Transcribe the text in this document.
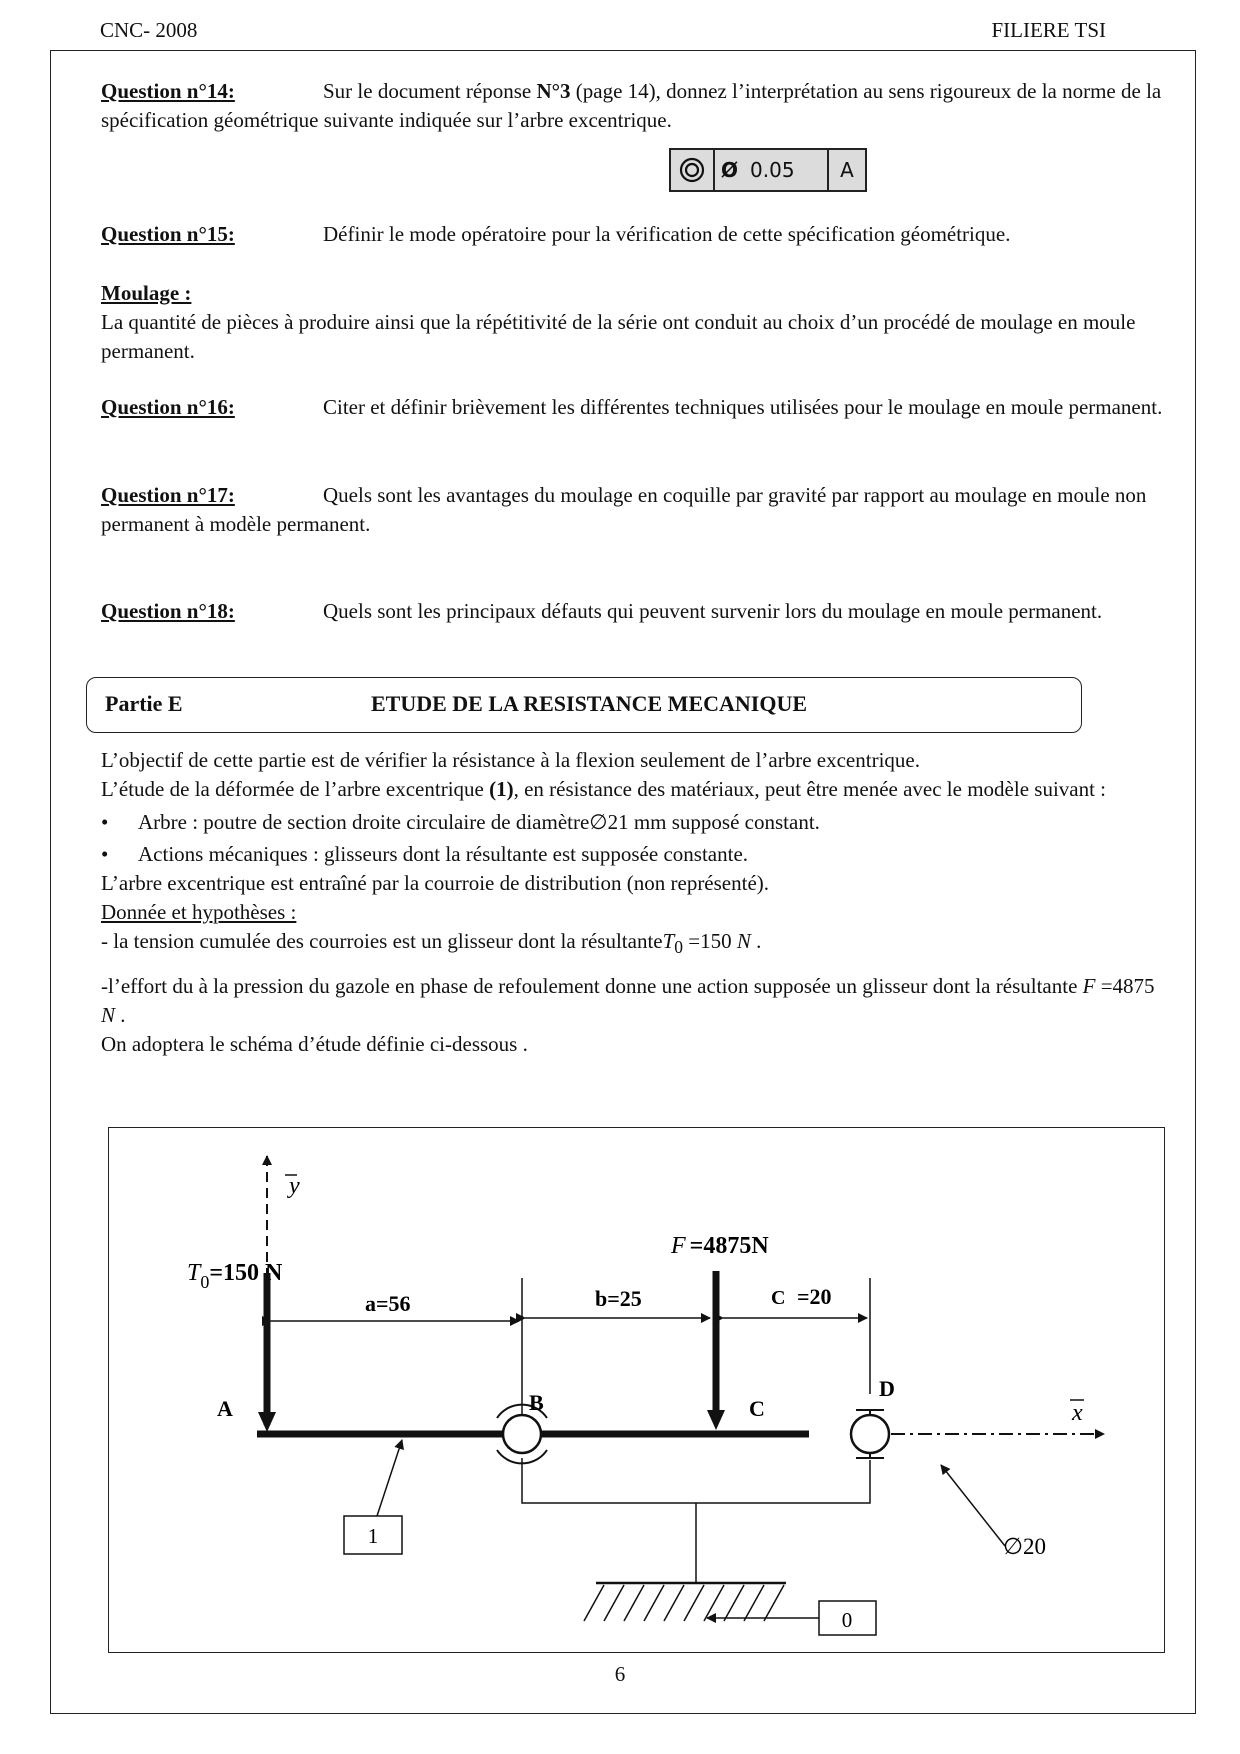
CNC- 2008	FILIERE TSI
Question n°14:	Sur le document réponse N°3 (page 14), donnez l’interprétation au sens rigoureux de la norme de la spécification géométrique suivante indiquée sur l’arbre excentrique.
Ø 0.05	A
Question n°15:	Définir le mode opératoire pour la vérification de cette spécification géométrique.
Moulage :
La quantité de pièces à produire ainsi que la répétitivité de la série ont conduit au choix d’un procédé de moulage en moule permanent.
Question n°16:	Citer et définir brièvement les différentes techniques utilisées pour le moulage en moule permanent.
Question n°17:	Quels sont les avantages du moulage en coquille par gravité par rapport au moulage en moule non permanent à modèle permanent.
Question n°18:	Quels sont les principaux défauts qui peuvent survenir lors du moulage en moule permanent.
Partie E	ETUDE DE LA RESISTANCE MECANIQUE
L’objectif de cette partie est de vérifier la résistance à la flexion seulement de l’arbre excentrique.
L’étude de la déformée de l’arbre excentrique (1), en résistance des matériaux, peut être menée avec le modèle suivant :
• Arbre : poutre de section droite circulaire de diamètre∅21 mm supposé constant.
• Actions mécaniques : glisseurs dont la résultante est supposée constante.
L’arbre excentrique est entraîné par la courroie de distribution (non représenté).
Donnée et hypothèses :
- la tension cumulée des courroies est un glisseur dont la résultanteT$_0$ =150 N .
-l’effort du à la pression du gazole en phase de refoulement donne une action supposée un glisseur dont la résultante F =4875 N .
On adoptera le schéma d’étude définie ci-dessous .
y
$T_0=150$ N
A
a=56	b=25	C =20
F =4875N
C
B
D
x
0
1	∅20
6
